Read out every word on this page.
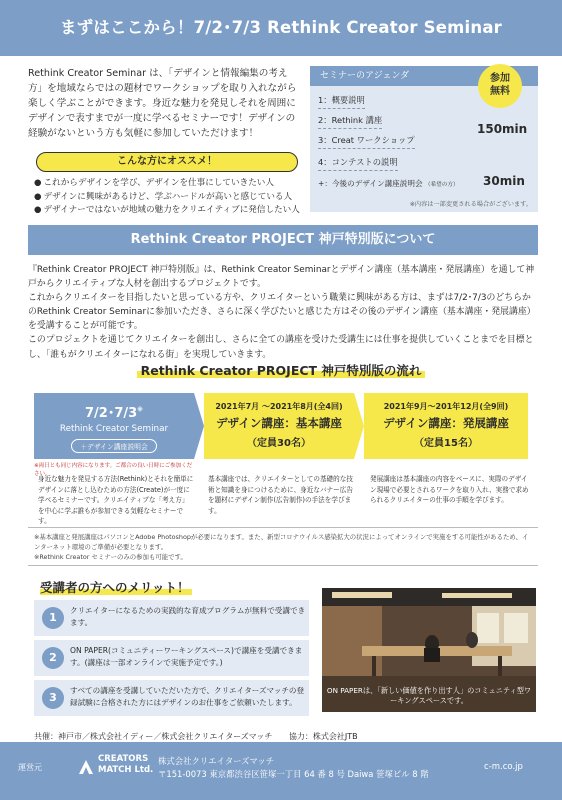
まずはここから！7/2･7/3 Rethink Creator Seminar
Rethink Creator Seminar は、「デザインと情報編集の考え方」を地域ならではの題材でワークショップを取り入れながら楽しく学ぶことができます。身近な魅力を発見しそれを周囲にデザインで表すまでが一度に学べるセミナーです！デザインの経験がないという方も気軽に参加していただけます！
こんな方にオススメ！
● これからデザインを学び、デザインを仕事にしていきたい人
● デザインに興味があるけど、学ぶハードルが高いと感じている人
● デザイナーではないが地域の魅力をクリエイティブに発信したい人
セミナーのアジェンダ	参加
無料
1：概要説明
2：Rethink 講座
3：Creat ワークショップ
4：コンテストの説明
150min
+：今後のデザイン講座説明会 （希望の方）	30min
※内容は一部変更される場合がございます。
Rethink Creator PROJECT 神戸特別版について
『Rethink Creator PROJECT 神戸特別版』は、Rethink Creator Seminarとデザイン講座（基本講座・発展講座）を通して神戸からクリエイティブな人材を創出するプロジェクトです。
これからクリエイターを目指したいと思っている方や、クリエイターという職業に興味がある方は、まずは7/2･7/3のどちらかのRethink Creator Seminarに参加いただき、さらに深く学びたいと感じた方はその後のデザイン講座（基本講座・発展講座）を受講することが可能です。
このプロジェクトを通じてクリエイターを創出し、さらに全ての講座を受けた受講生には仕事を提供していくことまでを目標とし、「誰もがクリエイターになれる街」を実現していきます。
Rethink Creator PROJECT 神戸特別版の流れ
7/2･7/3※
Rethink Creator Seminar
＋デザイン講座説明会
2021年7月 〜2021年8月(全4回)
デザイン講座：基本講座
（定員30名）
2021年9月〜201年12月(全9回)
デザイン講座：発展講座
（定員15名）
※両日とも同じ内容になります。ご都合の良い日時にご参加ください。
身近な魅力を発見する方法(Rethink)とそれを簡単にデザインに落とし込むための方法(Create)が一度に学べるセミナーです。クリエイティブな「考え方」を中心に学ぶ誰もが参加できる気軽なセミナーです。
基本講座では、クリエイターとしての基礎的な技術と知識を身につけるために、身近なバナー広告を題材にデザイン制作(広告制作)の手法を学びます。
発展講座は基本講座の内容をベースに、実際のデザイン現場で必要とされるワークを取り入れ、実務で求められるクリエイターの仕事の手順を学びます。
※基本講座と発展講座はパソコンとAdobe Photoshopが必要になります。また、新型コロナウイルス感染拡大の状況によってオンラインで実施をする可能性があるため、インターネット環境のご準備が必要となります。
※Rethink Creator セミナーのみの参加も可能です。
受講者の方へのメリット！
1
クリエイターになるための実践的な育成プログラムが無料で受講できます。
2
ON PAPER(コミュニティーワーキングスペース)で講座を受講できます。(講座は一部オンラインで実施予定です。)
3
すべての講座を受講していただいた方で、クリエイターズマッチの登録試験に合格された方にはデザインのお仕事をご依頼いたします。
ON PAPERは、「新しい価値を作り出す人」のコミュニティ型ワーキングスペースです。
共催：神戸市／株式会社イディー／株式会社クリエイターズマッチ 協力：株式会社JTB
運営元
CREATORS
MATCH Ltd.
株式会社クリエイターズマッチ
〒151-0073 東京都渋谷区笹塚一丁目 64 番 8 号 Daiwa 笹塚ビル 8 階
c-m.co.jp
